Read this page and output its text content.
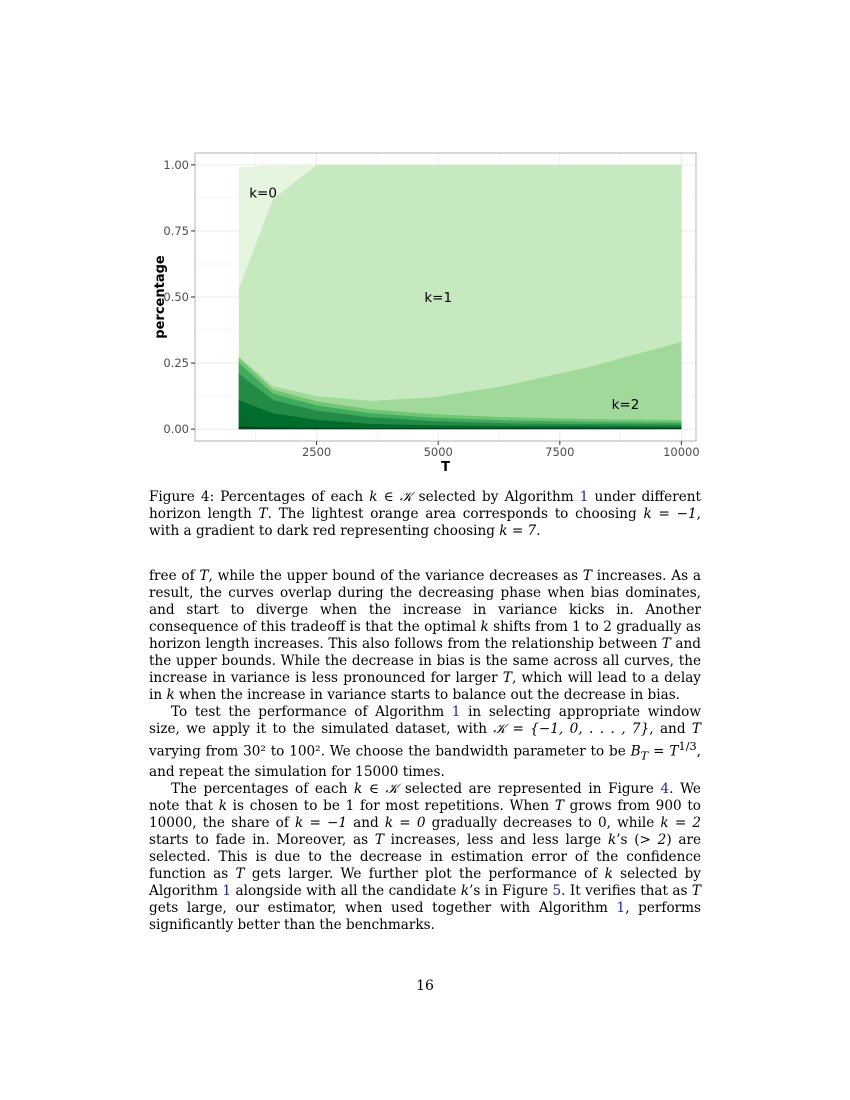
0.00
0.25
0.50
0.75
1.00
2500	5000	7500	10000
T
percentage
k=0
k=1
k=2
Figure 4: Percentages of each k ∈ 𝒦 selected by Algorithm 1 under different horizon length T. The lightest orange area corresponds to choosing k = −1, with a gradient to dark red representing choosing k = 7.

free of T, while the upper bound of the variance decreases as T increases. As a result, the curves overlap during the decreasing phase when bias dominates, and start to diverge when the increase in variance kicks in. Another consequence of this tradeoff is that the optimal k shifts from 1 to 2 gradually as horizon length increases. This also follows from the relationship between T and the upper bounds. While the decrease in bias is the same across all curves, the increase in variance is less pronounced for larger T, which will lead to a delay in k when the increase in variance starts to balance out the decrease in bias.

To test the performance of Algorithm 1 in selecting appropriate window size, we apply it to the simulated dataset, with 𝒦 = {−1, 0, . . . , 7}, and T varying from 30² to 100². We choose the bandwidth parameter to be $B_T = T^{1/3}$, and repeat the simulation for 15000 times.

The percentages of each k ∈ 𝒦 selected are represented in Figure 4. We note that k is chosen to be 1 for most repetitions. When T grows from 900 to 10000, the share of k = −1 and k = 0 gradually decreases to 0, while k = 2 starts to fade in. Moreover, as T increases, less and less large k’s (> 2) are selected. This is due to the decrease in estimation error of the confidence function as T gets larger. We further plot the performance of k selected by Algorithm 1 alongside with all the candidate k’s in Figure 5. It verifies that as T gets large, our estimator, when used together with Algorithm 1, performs significantly better than the benchmarks.

16
